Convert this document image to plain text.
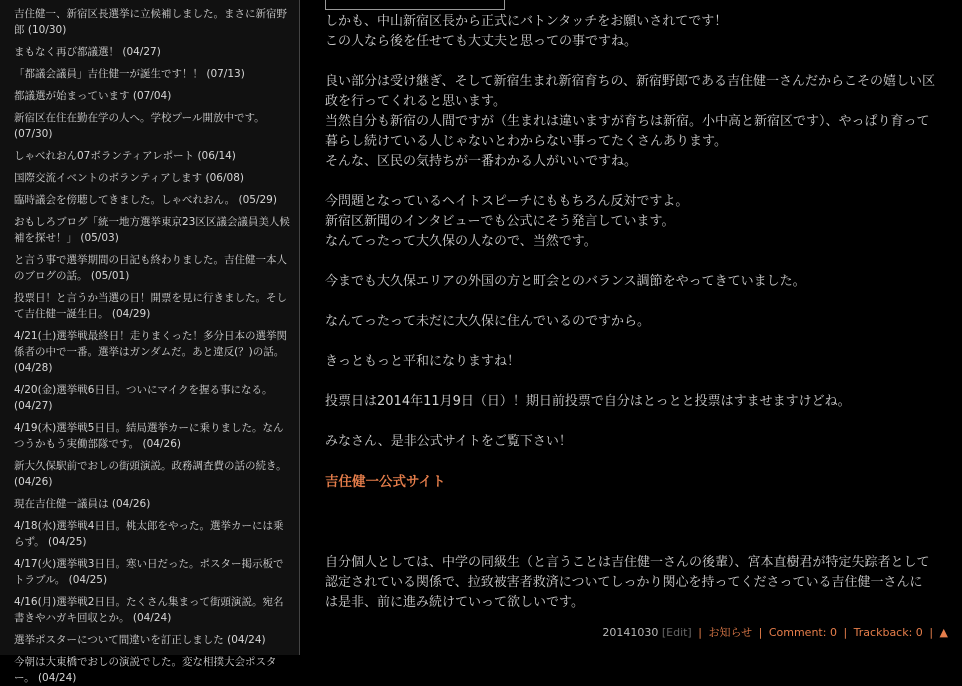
吉住健一、新宿区長選挙に立候補しました。まさに新宿野郎 (10/30)
まもなく再び都議選！ (04/27)
「都議会議員」吉住健一が誕生です！！ (07/13)
都議選が始まっています (07/04)
新宿区在住在勤在学の人へ。学校プール開放中です。 (07/30)
しゃべれおん07ボランティアレポート (06/14)
国際交流イベントのボランティアします (06/08)
臨時議会を傍聴してきました。しゃべれおん。 (05/29)
おもしろブログ「統一地方選挙東京23区区議会議員美人候補を探せ！」 (05/03)
と言う事で選挙期間の日記も終わりました。吉住健一本人のブログの話。 (05/01)
投票日！と言うか当選の日！開票を見に行きました。そして吉住健一誕生日。 (04/29)
4/21(土)選挙戦最終日！走りまくった！多分日本の選挙関係者の中で一番。選挙はガンダムだ。あと違反(？)の話。 (04/28)
4/20(金)選挙戦6日目。ついにマイクを握る事になる。 (04/27)
4/19(木)選挙戦5日目。結局選挙カーに乗りました。なんつうかもう実働部隊です。 (04/26)
新大久保駅前でおしの街頭演説。政務調査費の話の続き。 (04/26)
現在吉住健一議員は (04/26)
4/18(水)選挙戦4日目。桃太郎をやった。選挙カーには乗らず。 (04/25)
4/17(火)選挙戦3日目。寒い日だった。ポスター掲示板でトラブル。 (04/25)
4/16(月)選挙戦2日目。たくさん集まって街頭演説。宛名書きやハガキ回収とか。 (04/24)
選挙ポスターについて間違いを訂正しました (04/24)
今朝は大東橋でおしの演説でした。変な相撲大会ポスター。 (04/24)

しかも、中山新宿区長から正式にバトンタッチをお願いされてです！

この人なら後を任せても大丈夫と思っての事ですね。

良い部分は受け継ぎ、そして新宿生まれ新宿育ちの、新宿野郎である吉住健一さんだからこその嬉しい区政を行ってくれると思います。

当然自分も新宿の人間ですが（生まれは違いますが育ちは新宿。小中高と新宿区です）、やっぱり育って暮らし続けている人じゃないとわからない事ってたくさんあります。

そんな、区民の気持ちが一番わかる人がいいですね。

今問題となっているヘイトスピーチにももちろん反対ですよ。

新宿区新聞のインタビューでも公式にそう発言しています。

なんてったって大久保の人なので、当然です。

今までも大久保エリアの外国の方と町会とのバランス調節をやってきていました。

なんてったって未だに大久保に住んでいるのですから。

きっともっと平和になりますね！

投票日は2014年11月9日（日）！期日前投票で自分はとっとと投票はすませますけどね。

みなさん、是非公式サイトをご覧下さい！

吉住健一公式サイト

自分個人としては、中学の同級生（と言うことは吉住健一さんの後輩）、宮本直樹君が特定失踪者として認定されている関係で、拉致被害者救済についてしっかり関心を持ってくださっている吉住健一さんには是非、前に進み続けていって欲しいです。

20141030 [Edit] | お知らせ | Comment: 0 | Trackback: 0 | ▲
